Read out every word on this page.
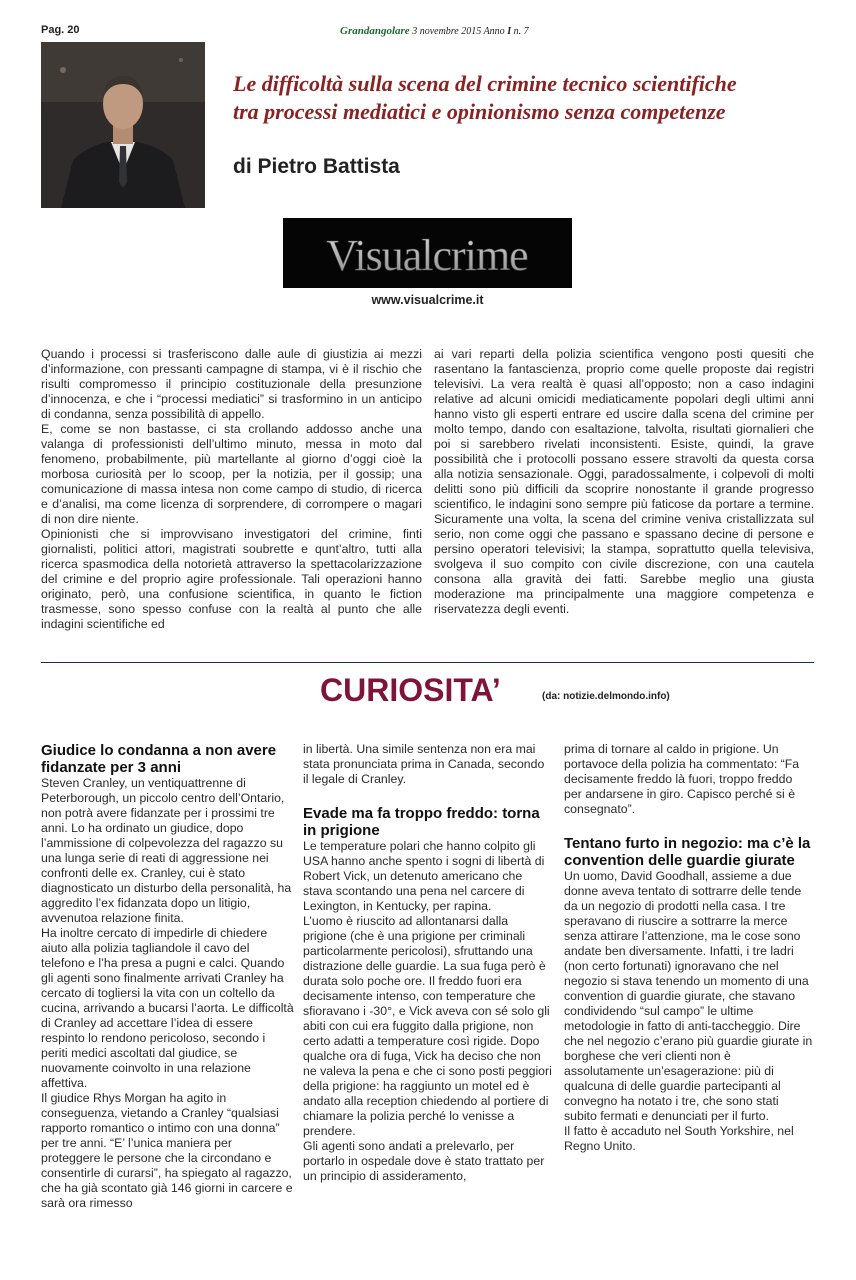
Pag. 20	Grandangolare 3 novembre 2015 Anno I n. 7
Le difficoltà sulla scena del crimine tecnico scientifiche
tra processi mediatici e opinionismo senza competenze
di Pietro Battista
Visualcrime
www.visualcrime.it

Quando i processi si trasferiscono dalle aule di giustizia ai mezzi d’informazione, con pressanti campagne di stampa, vi è il rischio che risulti compromesso il principio costituzionale della presunzione d’innocenza, e che i “processi mediatici” si trasformino in un anticipo di condanna, senza possibilità di appello.

E, come se non bastasse, ci sta crollando addosso anche una valanga di professionisti dell’ultimo minuto, messa in moto dal fenomeno, probabilmente, più martellante al giorno d’oggi cioè la morbosa curiosità per lo scoop, per la notizia, per il gossip; una comunicazione di massa intesa non come campo di studio, di ricerca e d’analisi, ma come licenza di sorprendere, di corrompere o magari di non dire niente.

Opinionisti che si improvvisano investigatori del crimine, finti giornalisti, politici attori, magistrati soubrette e qunt’altro, tutti alla ricerca spasmodica della notorietà attraverso la spettacolarizzazione del crimine e del proprio agire professionale. Tali operazioni hanno originato, però, una confusione scientifica, in quanto le fiction trasmesse, sono spesso confuse con la realtà al punto che alle indagini scientifiche ed

ai vari reparti della polizia scientifica vengono posti quesiti che rasentano la fantascienza, proprio come quelle proposte dai registri televisivi. La vera realtà è quasi all’opposto; non a caso indagini relative ad alcuni omicidi mediaticamente popolari degli ultimi anni hanno visto gli esperti entrare ed uscire dalla scena del crimine per molto tempo, dando con esaltazione, talvolta, risultati giornalieri che poi si sarebbero rivelati inconsistenti. Esiste, quindi, la grave possibilità che i protocolli possano essere stravolti da questa corsa alla notizia sensazionale. Oggi, paradossalmente, i colpevoli di molti delitti sono più difficili da scoprire nonostante il grande progresso scientifico, le indagini sono sempre più faticose da portare a termine. Sicuramente una volta, la scena del crimine veniva cristallizzata sul serio, non come oggi che passano e spassano decine di persone e persino operatori televisivi; la stampa, soprattutto quella televisiva, svolgeva il suo compito con civile discrezione, con una cautela consona alla gravità dei fatti. Sarebbe meglio una giusta moderazione ma principalmente una maggiore competenza e riservatezza degli eventi.

CURIOSITA’	(da: notizie.delmondo.info)
Giudice lo condanna a non avere fidanzate per 3 anni

Steven Cranley, un ventiquattrenne di Peterborough, un piccolo centro dell’Ontario, non potrà avere fidanzate per i prossimi tre anni. Lo ha ordinato un giudice, dopo l’ammissione di colpevolezza del ragazzo su una lunga serie di reati di aggressione nei confronti delle ex. Cranley, cui è stato diagnosticato un disturbo della personalità, ha aggredito l’ex fidanzata dopo un litigio, avvenutoa relazione finita.

Ha inoltre cercato di impedirle di chiedere aiuto alla polizia tagliandole il cavo del telefono e l’ha presa a pugni e calci. Quando gli agenti sono finalmente arrivati Cranley ha cercato di togliersi la vita con un coltello da cucina, arrivando a bucarsi l’aorta. Le difficoltà di Cranley ad accettare l’idea di essere respinto lo rendono pericoloso, secondo i periti medici ascoltati dal giudice, se nuovamente coinvolto in una relazione affettiva.

Il giudice Rhys Morgan ha agito in conseguenza, vietando a Cranley “qualsiasi rapporto romantico o intimo con una donna” per tre anni. “E’ l’unica maniera per proteggere le persone che la circondano e consentirle di curarsi”, ha spiegato al ragazzo, che ha già scontato già 146 giorni in carcere e sarà ora rimesso

in libertà. Una simile sentenza non era mai stata pronunciata prima in Canada, secondo il legale di Cranley.

Evade ma fa troppo freddo: torna in prigione

Le temperature polari che hanno colpito gli USA hanno anche spento i sogni di libertà di Robert Vick, un detenuto americano che stava scontando una pena nel carcere di Lexington, in Kentucky, per rapina.

L’uomo è riuscito ad allontanarsi dalla prigione (che è una prigione per criminali particolarmente pericolosi), sfruttando una distrazione delle guardie. La sua fuga però è durata solo poche ore. Il freddo fuori era decisamente intenso, con temperature che sfioravano i -30°, e Vick aveva con sé solo gli abiti con cui era fuggito dalla prigione, non certo adatti a temperature così rigide. Dopo qualche ora di fuga, Vick ha deciso che non ne valeva la pena e che ci sono posti peggiori della prigione: ha raggiunto un motel ed è andato alla reception chiedendo al portiere di chiamare la polizia perché lo venisse a prendere.

Gli agenti sono andati a prelevarlo, per portarlo in ospedale dove è stato trattato per un principio di assideramento,

prima di tornare al caldo in prigione. Un portavoce della polizia ha commentato: “Fa decisamente freddo là fuori, troppo freddo per andarsene in giro. Capisco perché si è consegnato”.

Tentano furto in negozio: ma c’è la convention delle guardie giurate

Un uomo, David Goodhall, assieme a due donne aveva tentato di sottrarre delle tende da un negozio di prodotti nella casa. I tre speravano di riuscire a sottrarre la merce senza attirare l’attenzione, ma le cose sono andate ben diversamente. Infatti, i tre ladri (non certo fortunati) ignoravano che nel negozio si stava tenendo un momento di una convention di guardie giurate, che stavano condividendo “sul campo” le ultime metodologie in fatto di anti-taccheggio. Dire che nel negozio c’erano più guardie giurate in borghese che veri clienti non è assolutamente un’esagerazione: più di qualcuna di delle guardie partecipanti al convegno ha notato i tre, che sono stati subito fermati e denunciati per il furto.

Il fatto è accaduto nel South Yorkshire, nel Regno Unito.
